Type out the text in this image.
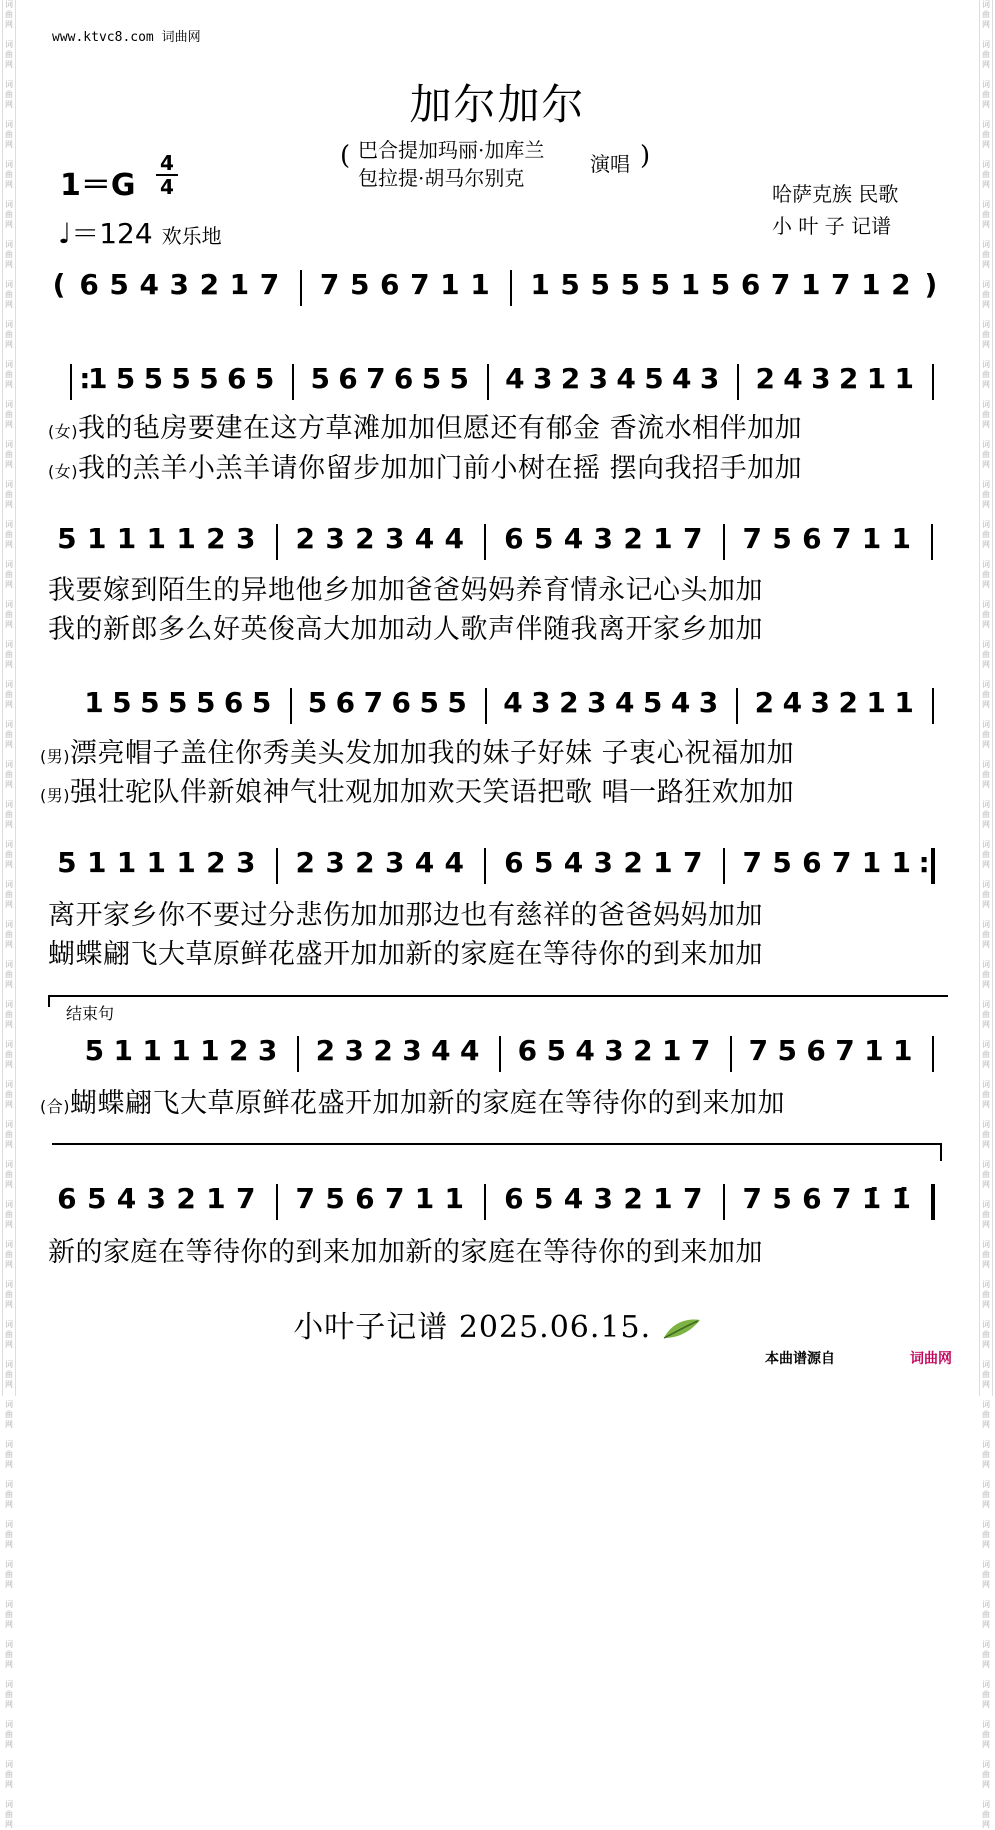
词
曲
网

词
曲
网

词
曲
网

词
曲
网

词
曲
网

词
曲
网

词
曲
网

词
曲
网

词
曲
网

词
曲
网

词
曲
网

词
曲
网

词
曲
网

词
曲
网

词
曲
网

词
曲
网

词
曲
网

词
曲
网

词
曲
网

词
曲
网

词
曲
网

词
曲
网

词
曲
网

词
曲
网

词
曲
网

词
曲
网

词
曲
网

词
曲
网

词
曲
网

词
曲
网

词
曲
网

词
曲
网

词
曲
网

词
曲
网

词
曲
网

词
曲
网

词
曲
网

词
曲
网

词
曲
网

词
曲
网

词
曲
网

词
曲
网

词
曲
网

词
曲
网

词
曲
网

词
曲
网

词
曲
网

词
曲
网

词
曲
网

词
曲
网

词
曲
网

词
曲
网

词
曲
网

词
曲
网

词
曲
网

词
曲
网

词
曲
网

词
曲
网

词
曲
网

词
曲
网

词
曲
网

词
曲
网

词
曲
网

词
曲
网

词
曲
网

词
曲
网

词
曲
网

词
曲
网

词
曲
网

词
曲
网

词
曲
网

词
曲
网

词
曲
网

词
曲
网

词
曲
网

词
曲
网

词
曲
网

词
曲
网

词
曲
网

词
曲
网

词
曲
网

词
曲
网

词
曲
网

词
曲
网

词
曲
网

词
曲
网

词
曲
网

词
曲
网

词
曲
网

词
曲
网

词
曲
网

词
曲
网

www.ktvc8.com 词曲网
加尔加尔
( 巴合提加玛丽·加库兰
包拉提·胡马尔别克
演唱 )
1＝G
4
4
♩＝124 欢乐地
哈萨克族 民歌
小 叶 子 记谱
( 6 5 4 3 2 1 7 7 5 6 7 1 1 1 5 5 5 5 1 5 6 7 1 7 1 2 )
:
1 5 5 5 5 6 5 5 6 7 6 5 5 4 3 2 3 4 5 4 3 2 4 3 2 1 1
5 1 1 1 1 2 3 2 3 2 3 4 4 6 5 4 3 2 1 7 7 5 6 7 1 1
1 5 5 5 5 6 5 5 6 7 6 5 5 4 3 2 3 4 5 4 3 2 4 3 2 1 1
5 1 1 1 1 2 3 2 3 2 3 4 4 6 5 4 3 2 1 7 7 5 6 7 1 1 :
5 1 1 1 1 2 3 2 3 2 3 4 4 6 5 4 3 2 1 7 7 5 6 7 1 1
6 5 4 3 2 1 7 7 5 6 7 1 1 6 5 4 3 2 1 7 7 5 6 7 1̇ 1̇
(女)我的毡房要建在这方草滩加加但愿还有郁金 香流水相伴加加
(女)我的羔羊小羔羊请你留步加加门前小树在摇 摆向我招手加加
我要嫁到陌生的异地他乡加加爸爸妈妈养育情永记心头加加
我的新郎多么好英俊高大加加动人歌声伴随我离开家乡加加
(男)漂亮帽子盖住你秀美头发加加我的妹子好妹 子衷心祝福加加
(男)强壮驼队伴新娘神气壮观加加欢天笑语把歌 唱一路狂欢加加
离开家乡你不要过分悲伤加加那边也有慈祥的爸爸妈妈加加
蝴蝶翩飞大草原鲜花盛开加加新的家庭在等待你的到来加加
结束句
(合)蝴蝶翩飞大草原鲜花盛开加加新的家庭在等待你的到来加加
新的家庭在等待你的到来加加新的家庭在等待你的到来加加
小叶子记谱 2025.06.15.
本曲谱源自	词曲网
